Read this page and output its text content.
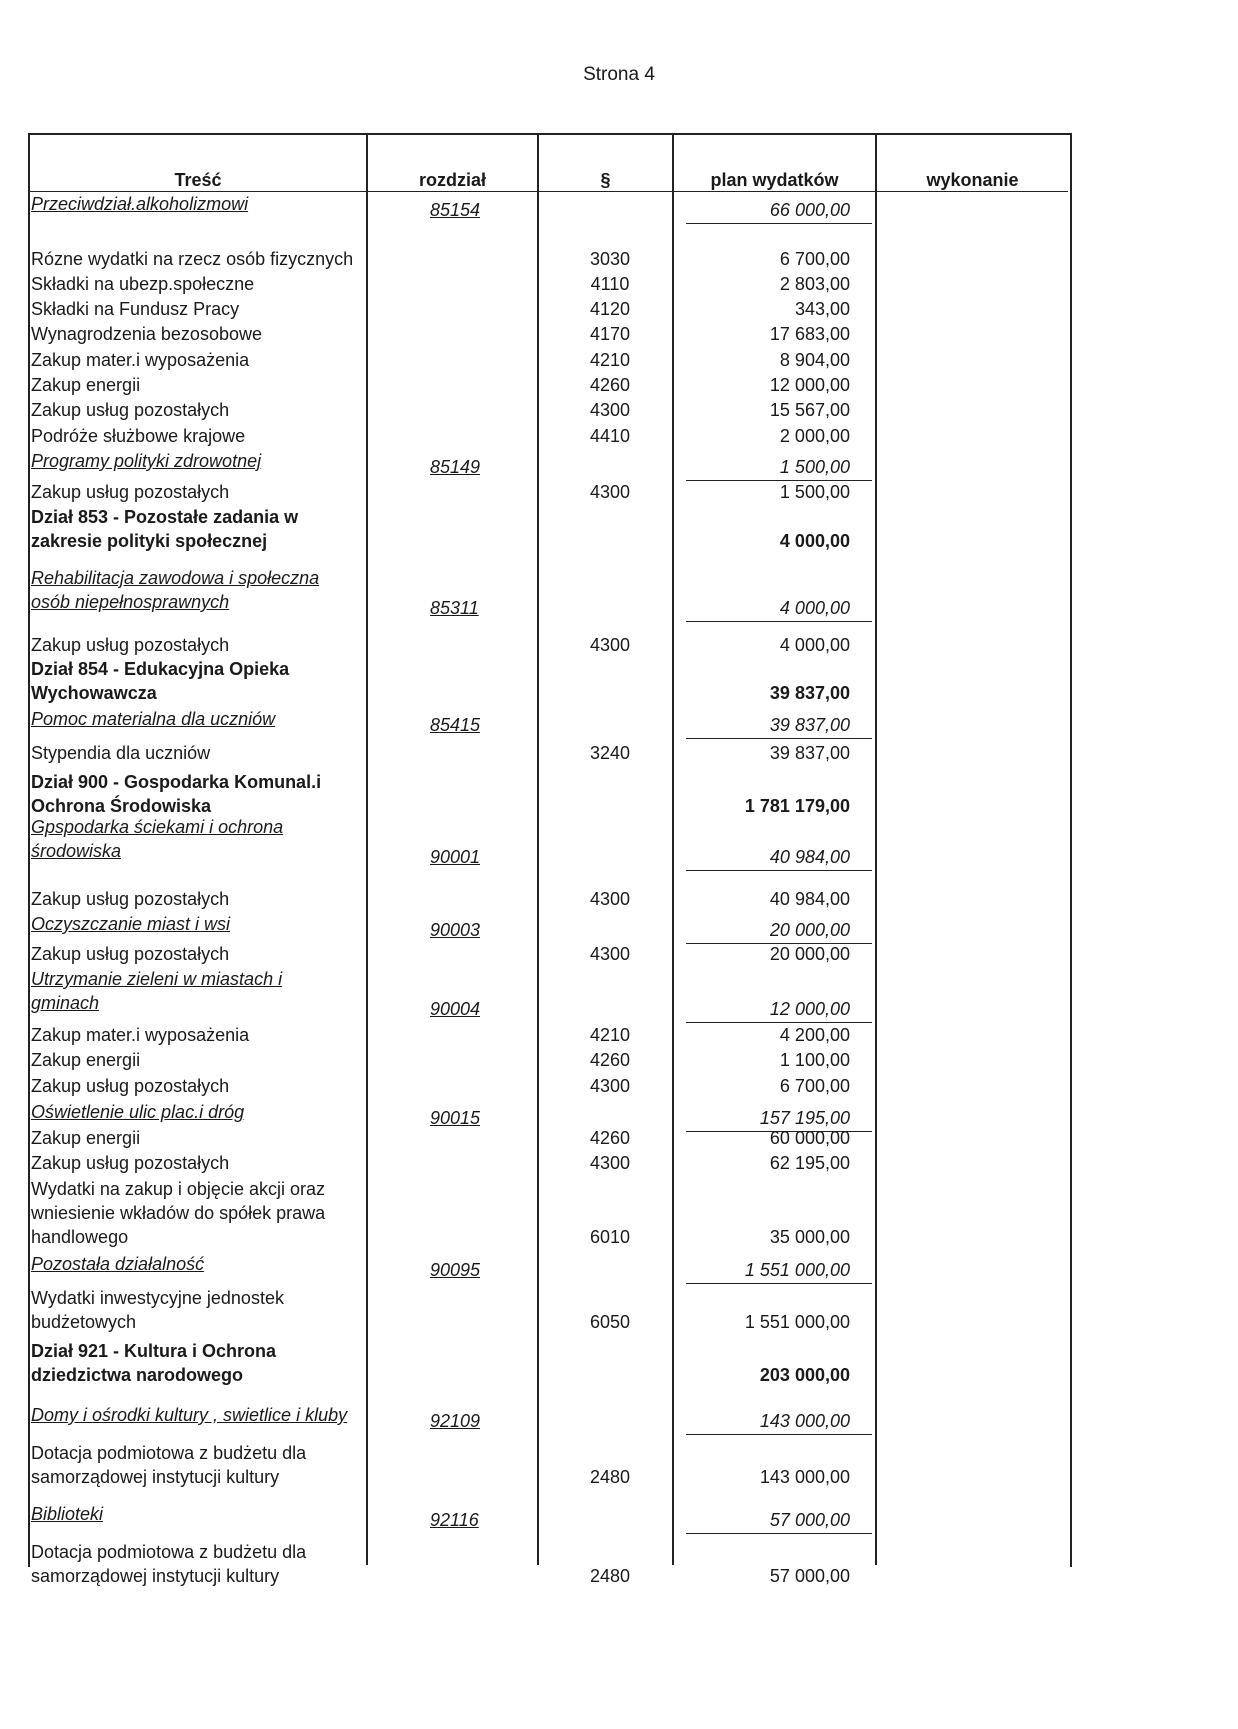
Strona 4
Treść	rozdział	§	plan wydatków	wykonanie
Przeciwdział.alkoholizmowi	85154	66 000,00
Rózne wydatki na rzecz osób fizycznych	3030	6 700,00
Składki na ubezp.społeczne	4110	2 803,00
Składki na Fundusz Pracy	4120	343,00
Wynagrodzenia bezosobowe	4170	17 683,00
Zakup mater.i wyposażenia	4210	8 904,00
Zakup energii	4260	12 000,00
Zakup usług pozostałych	4300	15 567,00
Podróże służbowe krajowe	4410	2 000,00
Programy polityki zdrowotnej	85149	1 500,00
Zakup usług pozostałych	4300	1 500,00
Dział 853 - Pozostałe zadania w
zakresie polityki społecznej	4 000,00
Rehabilitacja zawodowa i społeczna
osób niepełnosprawnych	85311	4 000,00
Zakup usług pozostałych	4300	4 000,00
Dział 854 - Edukacyjna Opieka
Wychowawcza	39 837,00
Pomoc materialna dla uczniów	85415	39 837,00
Stypendia dla uczniów	3240	39 837,00
Dział 900 - Gospodarka Komunal.i
Ochrona Środowiska	1 781 179,00
Gpspodarka ściekami i ochrona
środowiska	90001	40 984,00
Zakup usług pozostałych	4300	40 984,00
Oczyszczanie miast i wsi	90003	20 000,00
Zakup usług pozostałych	4300	20 000,00
Utrzymanie zieleni w miastach i
gminach	90004	12 000,00
Zakup mater.i wyposażenia	4210	4 200,00
Zakup energii	4260	1 100,00
Zakup usług pozostałych	4300	6 700,00
Oświetlenie ulic plac.i dróg	90015	157 195,00
Zakup energii	4260	60 000,00
Zakup usług pozostałych	4300	62 195,00
Wydatki na zakup i objęcie akcji oraz
wniesienie wkładów do spółek prawa
handlowego	6010	35 000,00
Pozostała działalność	90095	1 551 000,00
Wydatki inwestycyjne jednostek
budżetowych	6050	1 551 000,00
Dział 921 - Kultura i Ochrona
dziedzictwa narodowego	203 000,00
Domy i ośrodki kultury , swietlice i kluby	92109	143 000,00
Dotacja podmiotowa z budżetu dla
samorządowej instytucji kultury	2480	143 000,00
Biblioteki	92116	57 000,00
Dotacja podmiotowa z budżetu dla
samorządowej instytucji kultury	2480	57 000,00
